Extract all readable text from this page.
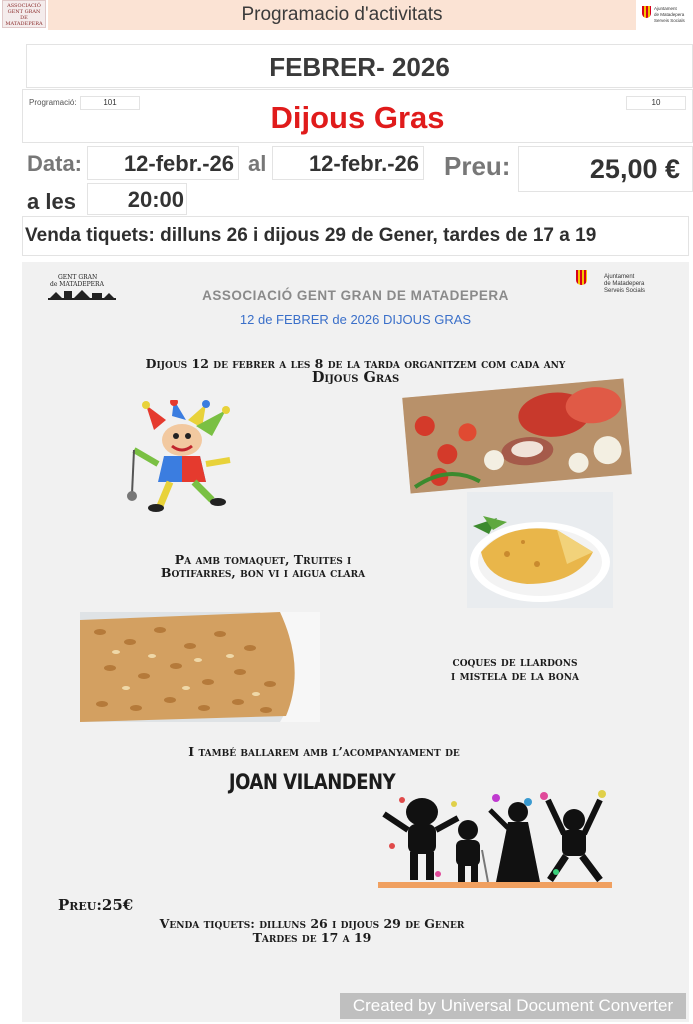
ASSOCIACIÓ
GENT GRAN
DE
MATADEPERA	Programacio d'activitats	Ajuntament
de Matadepera
Serveis Socials
FEBRER- 2026
Programació:	101	10
Dijous Gras
Data:	12-febr.-26 al	12-febr.-26 Preu:	25,00 €
a les	20:00
Venda tiquets: dilluns 26 i dijous 29 de Gener, tardes de 17 a 19
GENT GRAN
de MATADEPERA
Ajuntament
de Matadepera
Serveis Socials
ASSOCIACIÓ GENT GRAN DE MATADEPERA
12 de FEBRER de 2026 DIJOUS GRAS
Dijous 12 de febrer a les 8 de la tarda organitzem com cada any
Dijous Gras
Pa amb tomaquet, Truites i
Botifarres, bon vi i aigua clara
coques de llardons
i mistela de la bona
I també ballarem amb l’acompanyament de
JOAN VILANDENY
Preu:25€
Venda tiquets: dilluns 26 i dijous 29 de Gener
Tardes de 17 a 19
Created by Universal Document Converter
